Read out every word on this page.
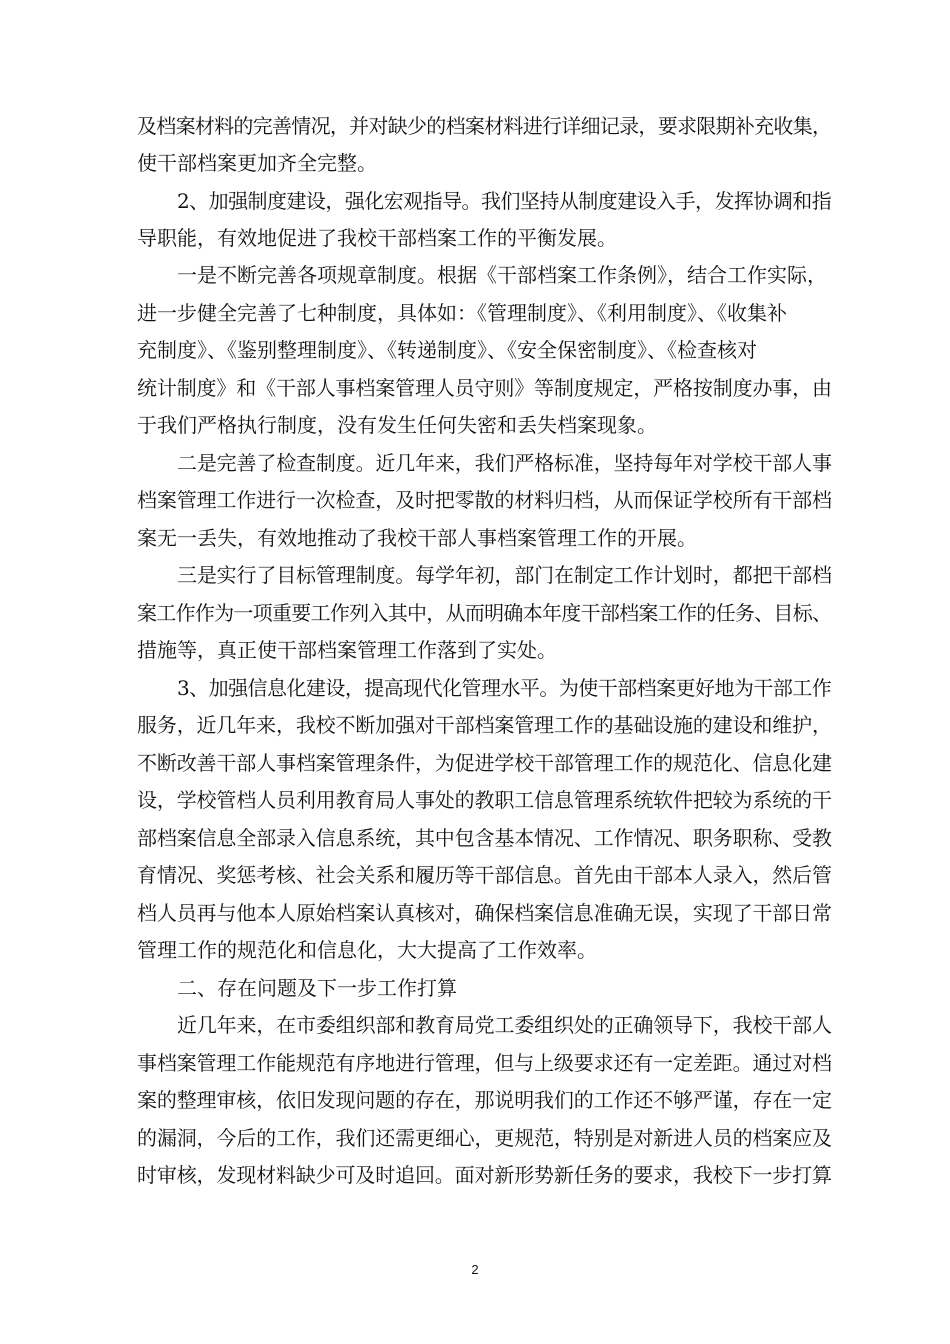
及档案材料的完善情况，并对缺少的档案材料进行详细记录，要求限期补充收集，
使干部档案更加齐全完整。
2、加强制度建设，强化宏观指导。我们坚持从制度建设入手，发挥协调和指
导职能，有效地促进了我校干部档案工作的平衡发展。
一是不断完善各项规章制度。根据《干部档案工作条例》，结合工作实际，
进一步健全完善了七种制度，具体如：《管理制度》、《利用制度》、《收集补
充制度》、《鉴别整理制度》、《转递制度》、《安全保密制度》、《检查核对
统计制度》和《干部人事档案管理人员守则》等制度规定，严格按制度办事，由
于我们严格执行制度，没有发生任何失密和丢失档案现象。
二是完善了检查制度。近几年来，我们严格标准，坚持每年对学校干部人事
档案管理工作进行一次检查，及时把零散的材料归档，从而保证学校所有干部档
案无一丢失，有效地推动了我校干部人事档案管理工作的开展。
三是实行了目标管理制度。每学年初，部门在制定工作计划时，都把干部档
案工作作为一项重要工作列入其中，从而明确本年度干部档案工作的任务、目标、
措施等，真正使干部档案管理工作落到了实处。
3、加强信息化建设，提高现代化管理水平。为使干部档案更好地为干部工作
服务，近几年来，我校不断加强对干部档案管理工作的基础设施的建设和维护，
不断改善干部人事档案管理条件，为促进学校干部管理工作的规范化、信息化建
设，学校管档人员利用教育局人事处的教职工信息管理系统软件把较为系统的干
部档案信息全部录入信息系统，其中包含基本情况、工作情况、职务职称、受教
育情况、奖惩考核、社会关系和履历等干部信息。首先由干部本人录入，然后管
档人员再与他本人原始档案认真核对，确保档案信息准确无误，实现了干部日常
管理工作的规范化和信息化，大大提高了工作效率。
二、存在问题及下一步工作打算
近几年来，在市委组织部和教育局党工委组织处的正确领导下，我校干部人
事档案管理工作能规范有序地进行管理，但与上级要求还有一定差距。通过对档
案的整理审核，依旧发现问题的存在，那说明我们的工作还不够严谨，存在一定
的漏洞，今后的工作，我们还需更细心，更规范，特别是对新进人员的档案应及
时审核，发现材料缺少可及时追回。面对新形势新任务的要求，我校下一步打算
2
